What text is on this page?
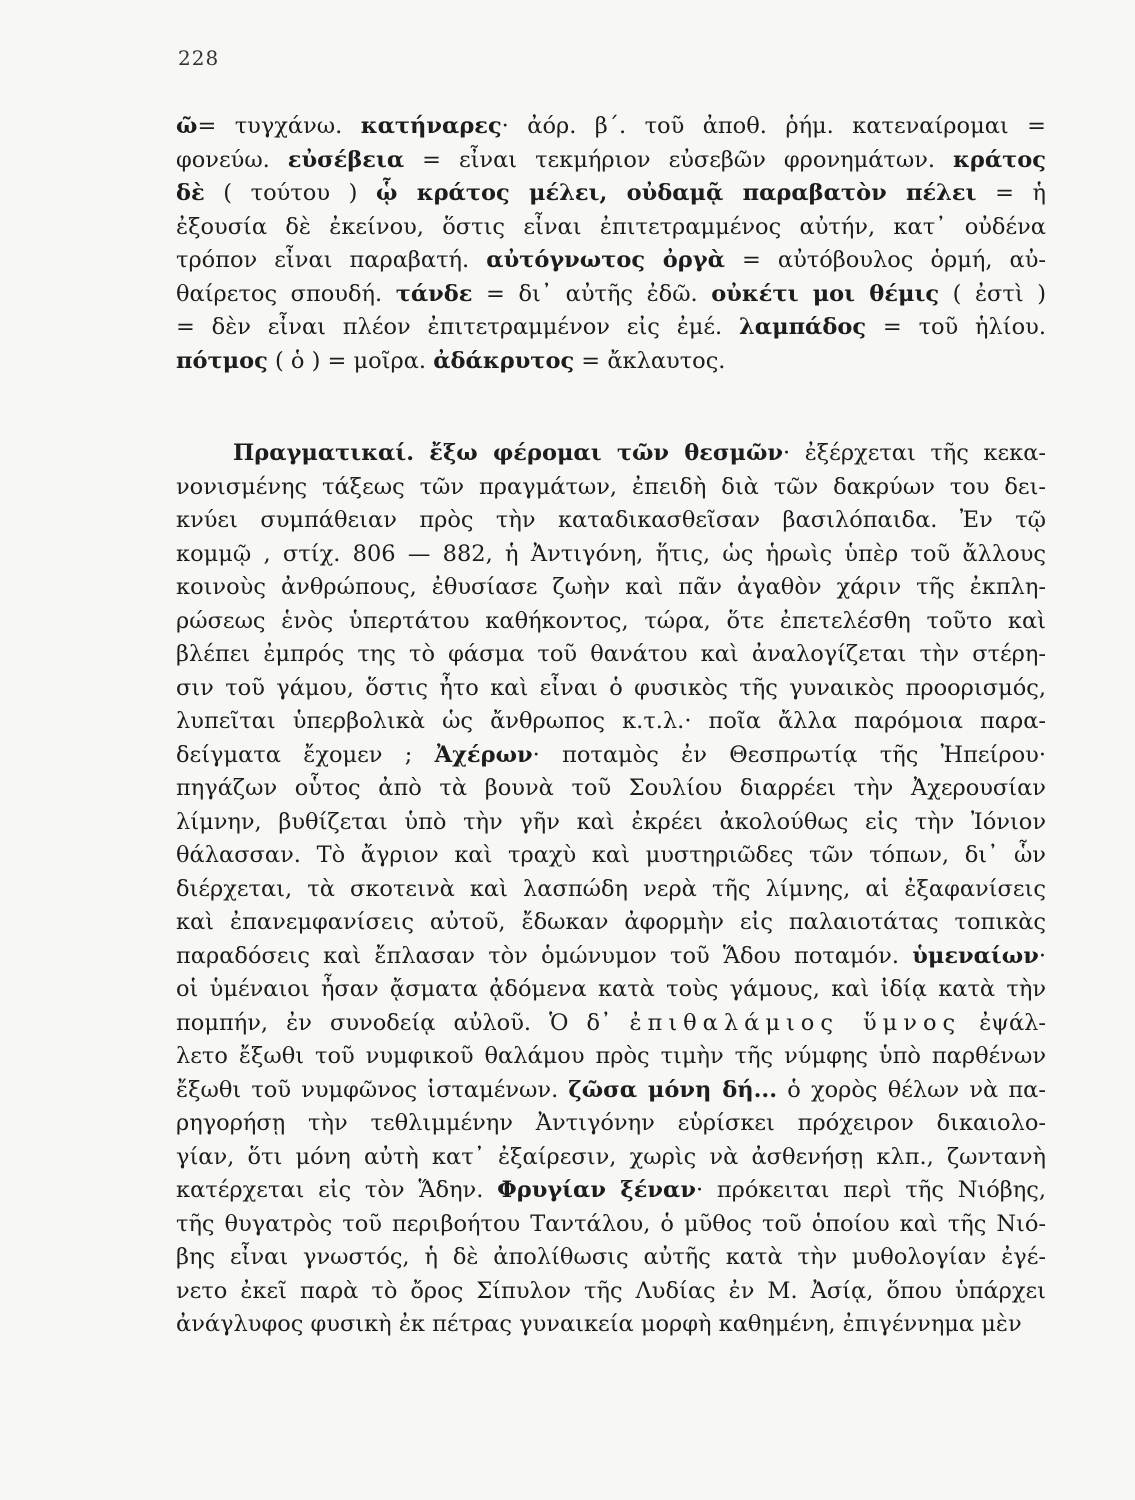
228
ῶ= τυγχάνω. κατήναρες· ἀόρ. β΄. τοῦ ἀποθ. ῥήμ. κατεναίρομαι =
φονεύω. εὐσέβεια = εἶναι τεκμήριον εὐσεβῶν φρονημάτων. κράτος
δὲ ( τούτου ) ᾧ κράτος μέλει, οὐδαμᾷ παραβατὸν πέλει = ἡ
ἐξουσία δὲ ἐκείνου, ὅστις εἶναι ἐπιτετραμμένος αὐτήν, κατ᾽ οὐδένα
τρόπον εἶναι παραβατή. αὐτόγνωτος ὀργὰ = αὐτόβουλος ὁρμή, αὐ-
θαίρετος σπουδή. τάνδε = δι᾽ αὐτῆς ἐδῶ. οὐκέτι μοι θέμις ( ἐστὶ )
= δὲν εἶναι πλέον ἐπιτετραμμένον εἰς ἐμέ. λαμπάδος = τοῦ ἡλίου.
πότμος ( ὁ ) = μοῖρα. ἀδάκρυτος = ἄκλαυτος.
Πραγματικαί. ἔξω φέρομαι τῶν θεσμῶν· ἐξέρχεται τῆς κεκα-
νονισμένης τάξεως τῶν πραγμάτων, ἐπειδὴ διὰ τῶν δακρύων του δει-
κνύει συμπάθειαν πρὸς τὴν καταδικασθεῖσαν βασιλόπαιδα. Ἐν τῷ
κομμῷ , στίχ. 806 — 882, ἡ Ἀντιγόνη, ἥτις, ὡς ἡρωὶς ὑπὲρ τοῦ ἄλλους
κοινοὺς ἀνθρώπους, ἐθυσίασε ζωὴν καὶ πᾶν ἀγαθὸν χάριν τῆς ἐκπλη-
ρώσεως ἑνὸς ὑπερτάτου καθήκοντος, τώρα, ὅτε ἐπετελέσθη τοῦτο καὶ
βλέπει ἐμπρός της τὸ φάσμα τοῦ θανάτου καὶ ἀναλογίζεται τὴν στέρη-
σιν τοῦ γάμου, ὅστις ἦτο καὶ εἶναι ὁ φυσικὸς τῆς γυναικὸς προορισμός,
λυπεῖται ὑπερβολικὰ ὡς ἄνθρωπος κ.τ.λ.· ποῖα ἄλλα παρόμοια παρα-
δείγματα ἔχομεν ; Ἀχέρων· ποταμὸς ἐν Θεσπρωτίᾳ τῆς Ἠπείρου·
πηγάζων οὗτος ἀπὸ τὰ βουνὰ τοῦ Σουλίου διαρρέει τὴν Ἀχερουσίαν
λίμνην, βυθίζεται ὑπὸ τὴν γῆν καὶ ἐκρέει ἀκολούθως εἰς τὴν Ἰόνιον
θάλασσαν. Τὸ ἄγριον καὶ τραχὺ καὶ μυστηριῶδες τῶν τόπων, δι᾽ ὧν
διέρχεται, τὰ σκοτεινὰ καὶ λασπώδη νερὰ τῆς λίμνης, αἱ ἐξαφανίσεις
καὶ ἐπανεμφανίσεις αὐτοῦ, ἔδωκαν ἀφορμὴν εἰς παλαιοτάτας τοπικὰς
παραδόσεις καὶ ἔπλασαν τὸν ὁμώνυμον τοῦ Ἅδου ποταμόν. ὑμεναίων·
οἱ ὑμέναιοι ἦσαν ᾄσματα ᾀδόμενα κατὰ τοὺς γάμους, καὶ ἰδίᾳ κατὰ τὴν
πομπήν, ἐν συνοδείᾳ αὐλοῦ. Ὁ δ᾽ ἐπιθαλάμιος ὕμνος ἐψάλ-
λετο ἔξωθι τοῦ νυμφικοῦ θαλάμου πρὸς τιμὴν τῆς νύμφης ὑπὸ παρθένων
ἔξωθι τοῦ νυμφῶνος ἱσταμένων. ζῶσα μόνη δή... ὁ χορὸς θέλων νὰ πα-
ρηγορήσῃ τὴν τεθλιμμένην Ἀντιγόνην εὑρίσκει πρόχειρον δικαιολο-
γίαν, ὅτι μόνη αὐτὴ κατ᾽ ἐξαίρεσιν, χωρὶς νὰ ἀσθενήσῃ κλπ., ζωντανὴ
κατέρχεται εἰς τὸν Ἅδην. Φρυγίαν ξέναν· πρόκειται περὶ τῆς Νιόβης,
τῆς θυγατρὸς τοῦ περιβοήτου Ταντάλου, ὁ μῦθος τοῦ ὁποίου καὶ τῆς Νιό-
βης εἶναι γνωστός, ἡ δὲ ἀπολίθωσις αὐτῆς κατὰ τὴν μυθολογίαν ἐγέ-
νετο ἐκεῖ παρὰ τὸ ὄρος Σίπυλον τῆς Λυδίας ἐν Μ. Ἀσίᾳ, ὅπου ὑπάρχει
ἀνάγλυφος φυσικὴ ἐκ πέτρας γυναικεία μορφὴ καθημένη, ἐπιγέννημα μὲν
